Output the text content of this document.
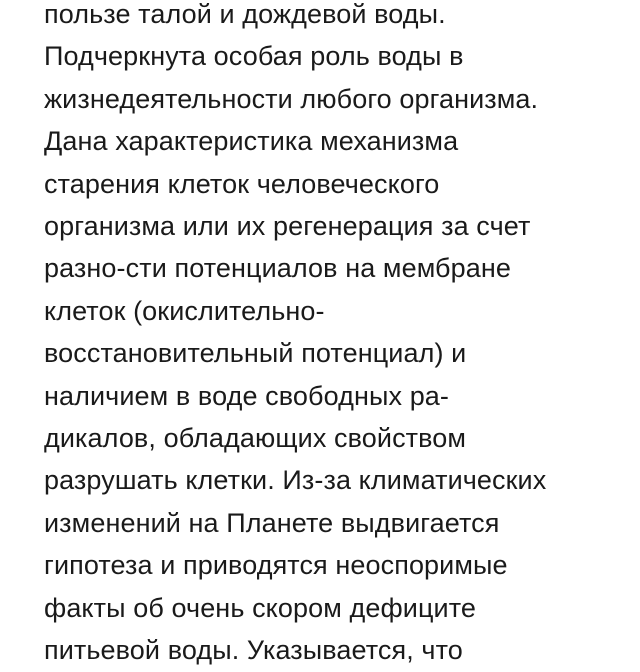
пользе талой и дождевой воды.
Подчеркнута особая роль воды в
жизнедеятельности любого организма.
Дана характеристика механизма
старения клеток человеческого
организма или их регенерация за счет
разно-сти потенциалов на мембране
клеток (окислительно-
восстановительный потенциал) и
наличием в воде свободных ра-
дикалов, обладающих свойством
разрушать клетки. Из-за климатических
изменений на Планете выдвигается
гипотеза и приводятся неоспоримые
факты об очень скором дефиците
питьевой воды. Указывается, что
